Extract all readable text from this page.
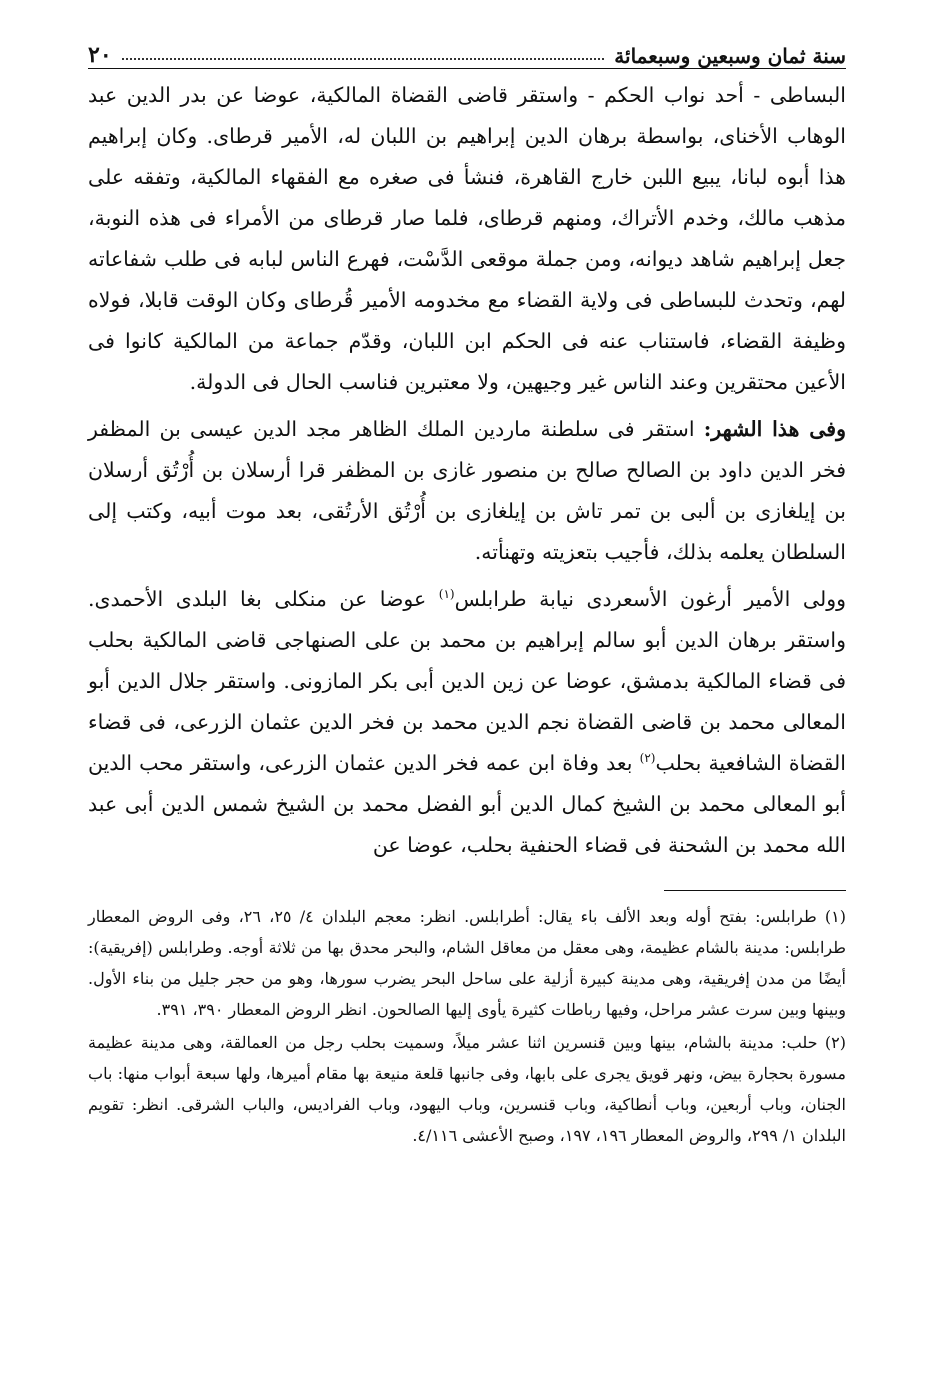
سنة ثمان وسبعين وسبعمائة
٢٠

البساطى - أحد نواب الحكم - واستقر قاضى القضاة المالكية، عوضا عن بدر الدين عبد الوهاب الأخناى، بواسطة برهان الدين إبراهيم بن اللبان له، الأمير قرطاى. وكان إبراهيم هذا أبوه لبانا، يبيع اللبن خارج القاهرة، فنشأ فى صغره مع الفقهاء المالكية، وتفقه على مذهب مالك، وخدم الأتراك، ومنهم قرطاى، فلما صار قرطاى من الأمراء فى هذه النوبة، جعل إبراهيم شاهد ديوانه، ومن جملة موقعى الدَّسْت، فهرع الناس لبابه فى طلب شفاعاته لهم، وتحدث للبساطى فى ولاية القضاء مع مخدومه الأمير قُرطاى وكان الوقت قابلا، فولاه وظيفة القضاء، فاستناب عنه فى الحكم ابن اللبان، وقدّم جماعة من المالكية كانوا فى الأعين محتقرين وعند الناس غير وجيهين، ولا معتبرين فناسب الحال فى الدولة.

وفى هذا الشهر: استقر فى سلطنة ماردين الملك الظاهر مجد الدين عيسى بن المظفر فخر الدين داود بن الصالح صالح بن منصور غازى بن المظفر قرا أرسلان بن أُرْتُق أرسلان بن إيلغازى بن ألبى بن تمر تاش بن إيلغازى بن أُرْتُق الأرتُقى، بعد موت أبيه، وكتب إلى السلطان يعلمه بذلك، فأجيب بتعزيته وتهنأته.

وولى الأمير أرغون الأسعردى نيابة طرابلس$^{(١)}$ عوضا عن منكلى بغا البلدى الأحمدى. واستقر برهان الدين أبو سالم إبراهيم بن محمد بن على الصنهاجى قاضى المالكية بحلب فى قضاء المالكية بدمشق، عوضا عن زين الدين أبى بكر المازونى. واستقر جلال الدين أبو المعالى محمد بن قاضى القضاة نجم الدين محمد بن فخر الدين عثمان الزرعى، فى قضاء القضاة الشافعية بحلب$^{(٢)}$ بعد وفاة ابن عمه فخر الدين عثمان الزرعى، واستقر محب الدين أبو المعالى محمد بن الشيخ كمال الدين أبو الفضل محمد بن الشيخ شمس الدين أبى عبد الله محمد بن الشحنة فى قضاء الحنفية بحلب، عوضا عن

(١) طرابلس: بفتح أوله وبعد الألف باء يقال: أطرابلس. انظر: معجم البلدان ٤/ ٢٥، ٢٦، وفى الروض المعطار طرابلس: مدينة بالشام عظيمة، وهى معقل من معاقل الشام، والبحر محدق بها من ثلاثة أوجه. وطرابلس (إفريقية): أيضًا من مدن إفريقية، وهى مدينة كبيرة أزلية على ساحل البحر يضرب سورها، وهو من حجر جليل من بناء الأول. وبينها وبين سرت عشر مراحل، وفيها رباطات كثيرة يأوى إليها الصالحون. انظر الروض المعطار ٣٩٠، ٣٩١.

(٢) حلب: مدينة بالشام، بينها وبين قنسرين اثنا عشر ميلاً، وسميت بحلب رجل من العمالقة، وهى مدينة عظيمة مسورة بحجارة بيض، ونهر قويق يجرى على بابها، وفى جانبها قلعة منيعة بها مقام أميرها، ولها سبعة أبواب منها: باب الجنان، وباب أربعين، وباب أنطاكية، وباب قنسرين، وباب اليهود، وباب الفراديس، والباب الشرقى. انظر: تقويم البلدان ١/ ٢٩٩، والروض المعطار ١٩٦، ١٩٧، وصبح الأعشى ٤/١١٦.
